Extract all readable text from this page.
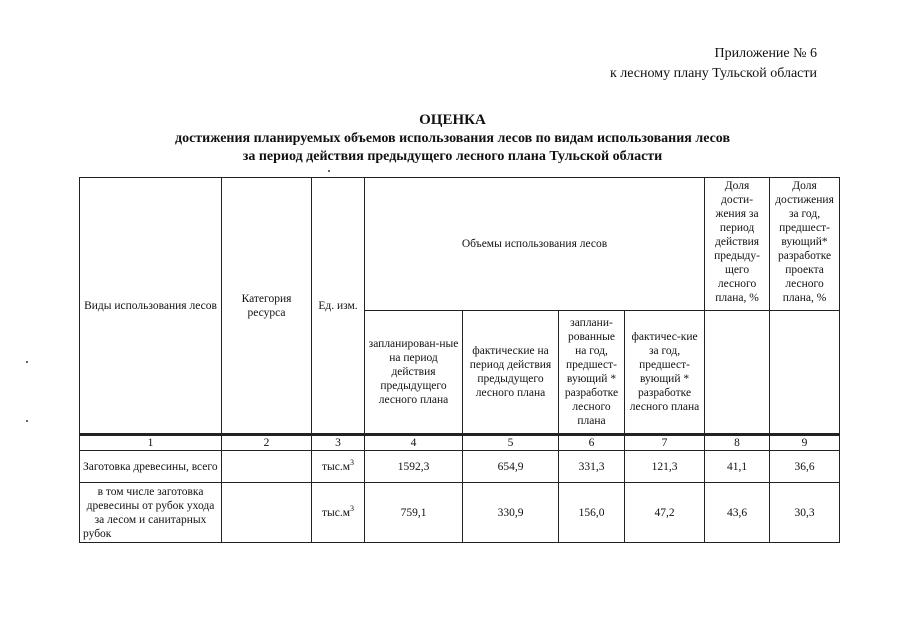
Приложение № 6
к лесному плану Тульской области
ОЦЕНКА
достижения планируемых объемов использования лесов по видам использования лесов
за период действия предыдущего лесного плана Тульской области
Виды использования лесов	Категория ресурса	Ед. изм.	Объемы использования лесов				Доля дости-жения за период действия предыду-щего лесного плана, %	Доля достижения за год, предшест-вующий* разработке проекта лесного плана, %
			запланирован-ные на период действия предыдущего лесного плана	фактические на период действия предыдущего лесного плана	заплани-рованные на год, предшест-вующий * разработке лесного плана	фактичес-кие за год, предшест-вующий * разработке лесного плана		

1	2	3	4	5	6	7	8	9
Заготовка древесины, всего		$тыс.м^3$	1592,3	654,9	331,3	121,3	41,1	36,6
в том числе заготовка древесины от рубок ухода за лесом и санитарных рубок		$тыс.м^3$	759,1	330,9	156,0	47,2	43,6	30,3
